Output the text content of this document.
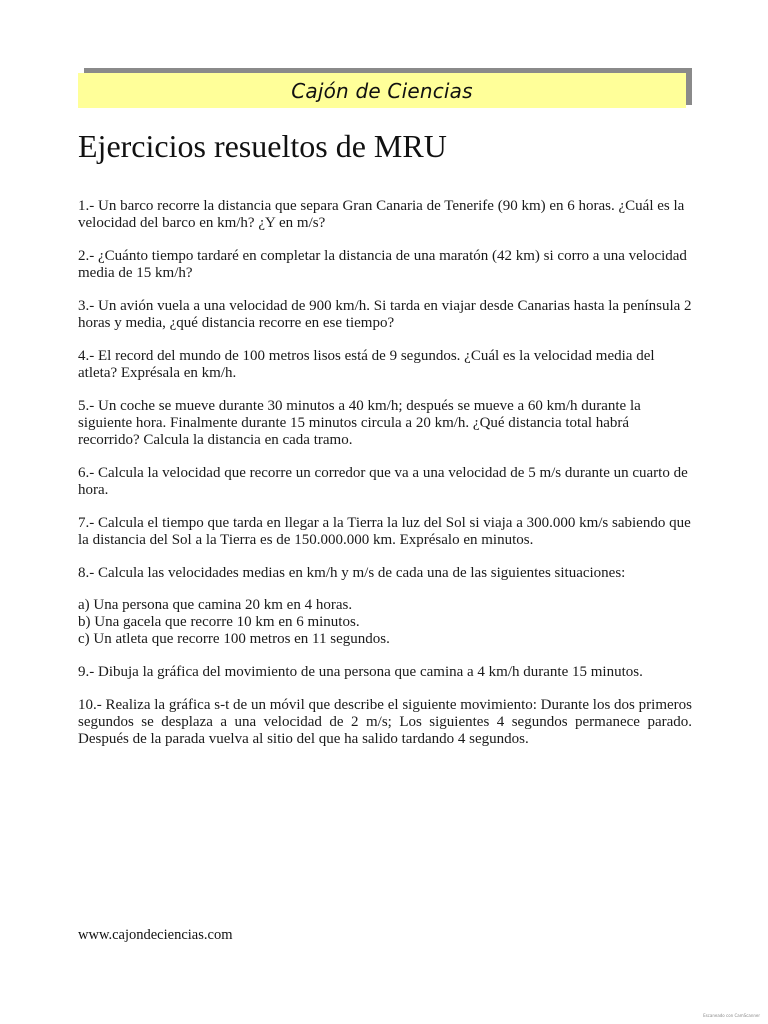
Cajón de Ciencias
Ejercicios resueltos de MRU

1.- Un barco recorre la distancia que separa Gran Canaria de Tenerife (90 km) en 6 horas. ¿Cuál es la velocidad del barco en km/h? ¿Y en m/s?

2.- ¿Cuánto tiempo tardaré en completar la distancia de una maratón (42 km) si corro a una velocidad media de 15 km/h?

3.- Un avión vuela a una velocidad de 900 km/h. Si tarda en viajar desde Canarias hasta la península 2 horas y media, ¿qué distancia recorre en ese tiempo?

4.- El record del mundo de 100 metros lisos está de 9 segundos. ¿Cuál es la velocidad media del atleta? Exprésala en km/h.

5.- Un coche se mueve durante 30 minutos a 40 km/h; después se mueve a 60 km/h durante la siguiente hora. Finalmente durante 15 minutos circula a 20 km/h. ¿Qué distancia total habrá recorrido? Calcula la distancia en cada tramo.

6.- Calcula la velocidad que recorre un corredor que va a una velocidad de 5 m/s durante un cuarto de hora.

7.- Calcula el tiempo que tarda en llegar a la Tierra la luz del Sol si viaja a 300.000 km/s sabiendo que la distancia del Sol a la Tierra es de 150.000.000 km. Exprésalo en minutos.

8.- Calcula las velocidades medias en km/h y m/s de cada una de las siguientes situaciones:

a) Una persona que camina 20 km en 4 horas.
b) Una gacela que recorre 10 km en 6 minutos.
c) Un atleta que recorre 100 metros en 11 segundos.

9.- Dibuja la gráfica del movimiento de una persona que camina a 4 km/h durante 15 minutos.

10.- Realiza la gráfica s-t de un móvil que describe el siguiente movimiento: Durante los dos primeros segundos se desplaza a una velocidad de 2 m/s; Los siguientes 4 segundos permanece parado. Después de la parada vuelva al sitio del que ha salido tardando 4 segundos.

www.cajondeciencias.com
Escaneado con CamScanner
